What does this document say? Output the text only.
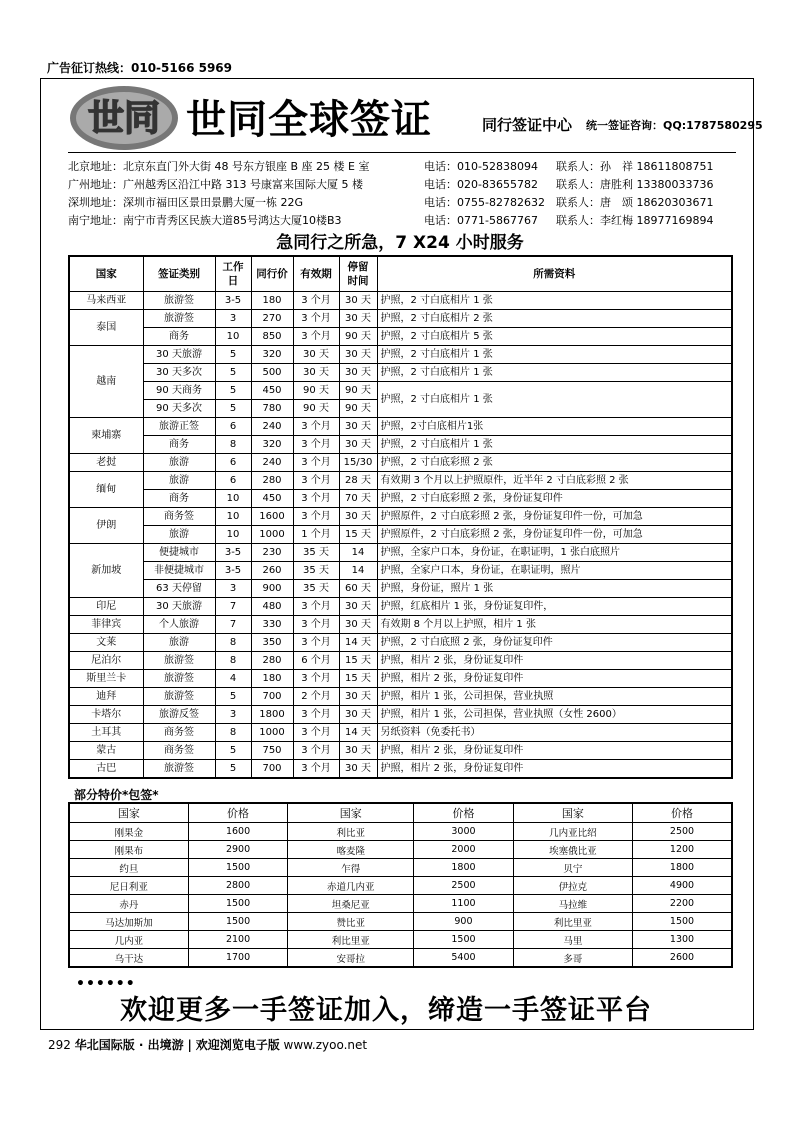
广告征订热线：010-5166 5969
世同 世同全球签证	同行签证中心 统一签证咨询：QQ:1787580295
北京地址：北京东直门外大街 48 号东方银座 B 座 25 楼 E 室	电话：010-52838094 联系人：孙　祥 18611808751
广州地址：广州越秀区沿江中路 313 号康富来国际大厦 5 楼	电话：020-83655782 联系人：唐胜利 13380033736
深圳地址：深圳市福田区景田景鹏大厦一栋 22G	电话：0755-82782632 联系人：唐　颂 18620303671
南宁地址：南宁市青秀区民族大道85号鸿达大厦10楼B3	电话：0771-5867767 联系人：李红梅 18977169894
急同行之所急，7 X24 小时服务
国家	签证类别	工作日	同行价	有效期	停留时间	所需资料
马来西亚	旅游签	3-5	180	3 个月	30 天	护照，2 寸白底相片 1 张
泰国	旅游签	3	270	3 个月	30 天	护照，2 寸白底相片 2 张
	商务	10	850	3 个月	90 天	护照，2 寸白底相片 5 张
越南	30 天旅游	5	320	30 天	30 天	护照，2 寸白底相片 1 张
	30 天多次	5	500	30 天	30 天	护照，2 寸白底相片 1 张
	90 天商务	5	450	90 天	90 天	护照，2 寸白底相片 1 张
	90 天多次	5	780	90 天	90 天	
柬埔寨	旅游正签	6	240	3 个月	30 天	护照，2寸白底相片1张
	商务	8	320	3 个月	30 天	护照，2 寸白底相片 1 张
老挝	旅游	6	240	3 个月	15/30	护照，2 寸白底彩照 2 张
缅甸	旅游	6	280	3 个月	28 天	有效期 3 个月以上护照原件，近半年 2 寸白底彩照 2 张
	商务	10	450	3 个月	70 天	护照，2 寸白底彩照 2 张，身份证复印件
伊朗	商务签	10	1600	3 个月	30 天	护照原件，2 寸白底彩照 2 张，身份证复印件一份，可加急
	旅游	10	1000	1 个月	15 天	护照原件，2 寸白底彩照 2 张，身份证复印件一份，可加急
新加坡	便捷城市	3-5	230	35 天	14	护照，全家户口本，身份证，在职证明，1 张白底照片
	非便捷城市	3-5	260	35 天	14	护照，全家户口本，身份证，在职证明，照片
	63 天停留	3	900	35 天	60 天	护照，身份证，照片 1 张
印尼	30 天旅游	7	480	3 个月	30 天	护照，红底相片 1 张，身份证复印件，
菲律宾	个人旅游	7	330	3 个月	30 天	有效期 8 个月以上护照，相片 1 张
文莱	旅游	8	350	3 个月	14 天	护照，2 寸白底照 2 张，身份证复印件
尼泊尔	旅游签	8	280	6 个月	15 天	护照，相片 2 张，身份证复印件
斯里兰卡	旅游签	4	180	3 个月	15 天	护照，相片 2 张，身份证复印件
迪拜	旅游签	5	700	2 个月	30 天	护照，相片 1 张，公司担保，营业执照
卡塔尔	旅游反签	3	1800	3 个月	30 天	护照，相片 1 张，公司担保，营业执照（女性 2600）
土耳其	商务签	8	1000	3 个月	14 天	另纸资料（免委托书）
蒙古	商务签	5	750	3 个月	30 天	护照，相片 2 张，身份证复印件
古巴	旅游签	5	700	3 个月	30 天	护照，相片 2 张，身份证复印件
部分特价*包签*
国家	价格	国家	价格	国家	价格
刚果金	1600	利比亚	3000	几内亚比绍	2500
刚果布	2900	喀麦隆	2000	埃塞俄比亚	1200
约旦	1500	乍得	1800	贝宁	1800
尼日利亚	2800	赤道几内亚	2500	伊拉克	4900
赤丹	1500	坦桑尼亚	1100	马拉维	2200
马达加斯加	1500	赞比亚	900	利比里亚	1500
几内亚	2100	利比里亚	1500	马里	1300
乌干达	1700	安哥拉	5400	多哥	2600
••••••
欢迎更多一手签证加入，缔造一手签证平台
292 华北国际版 · 出境游 | 欢迎浏览电子版 www.zyoo.net
